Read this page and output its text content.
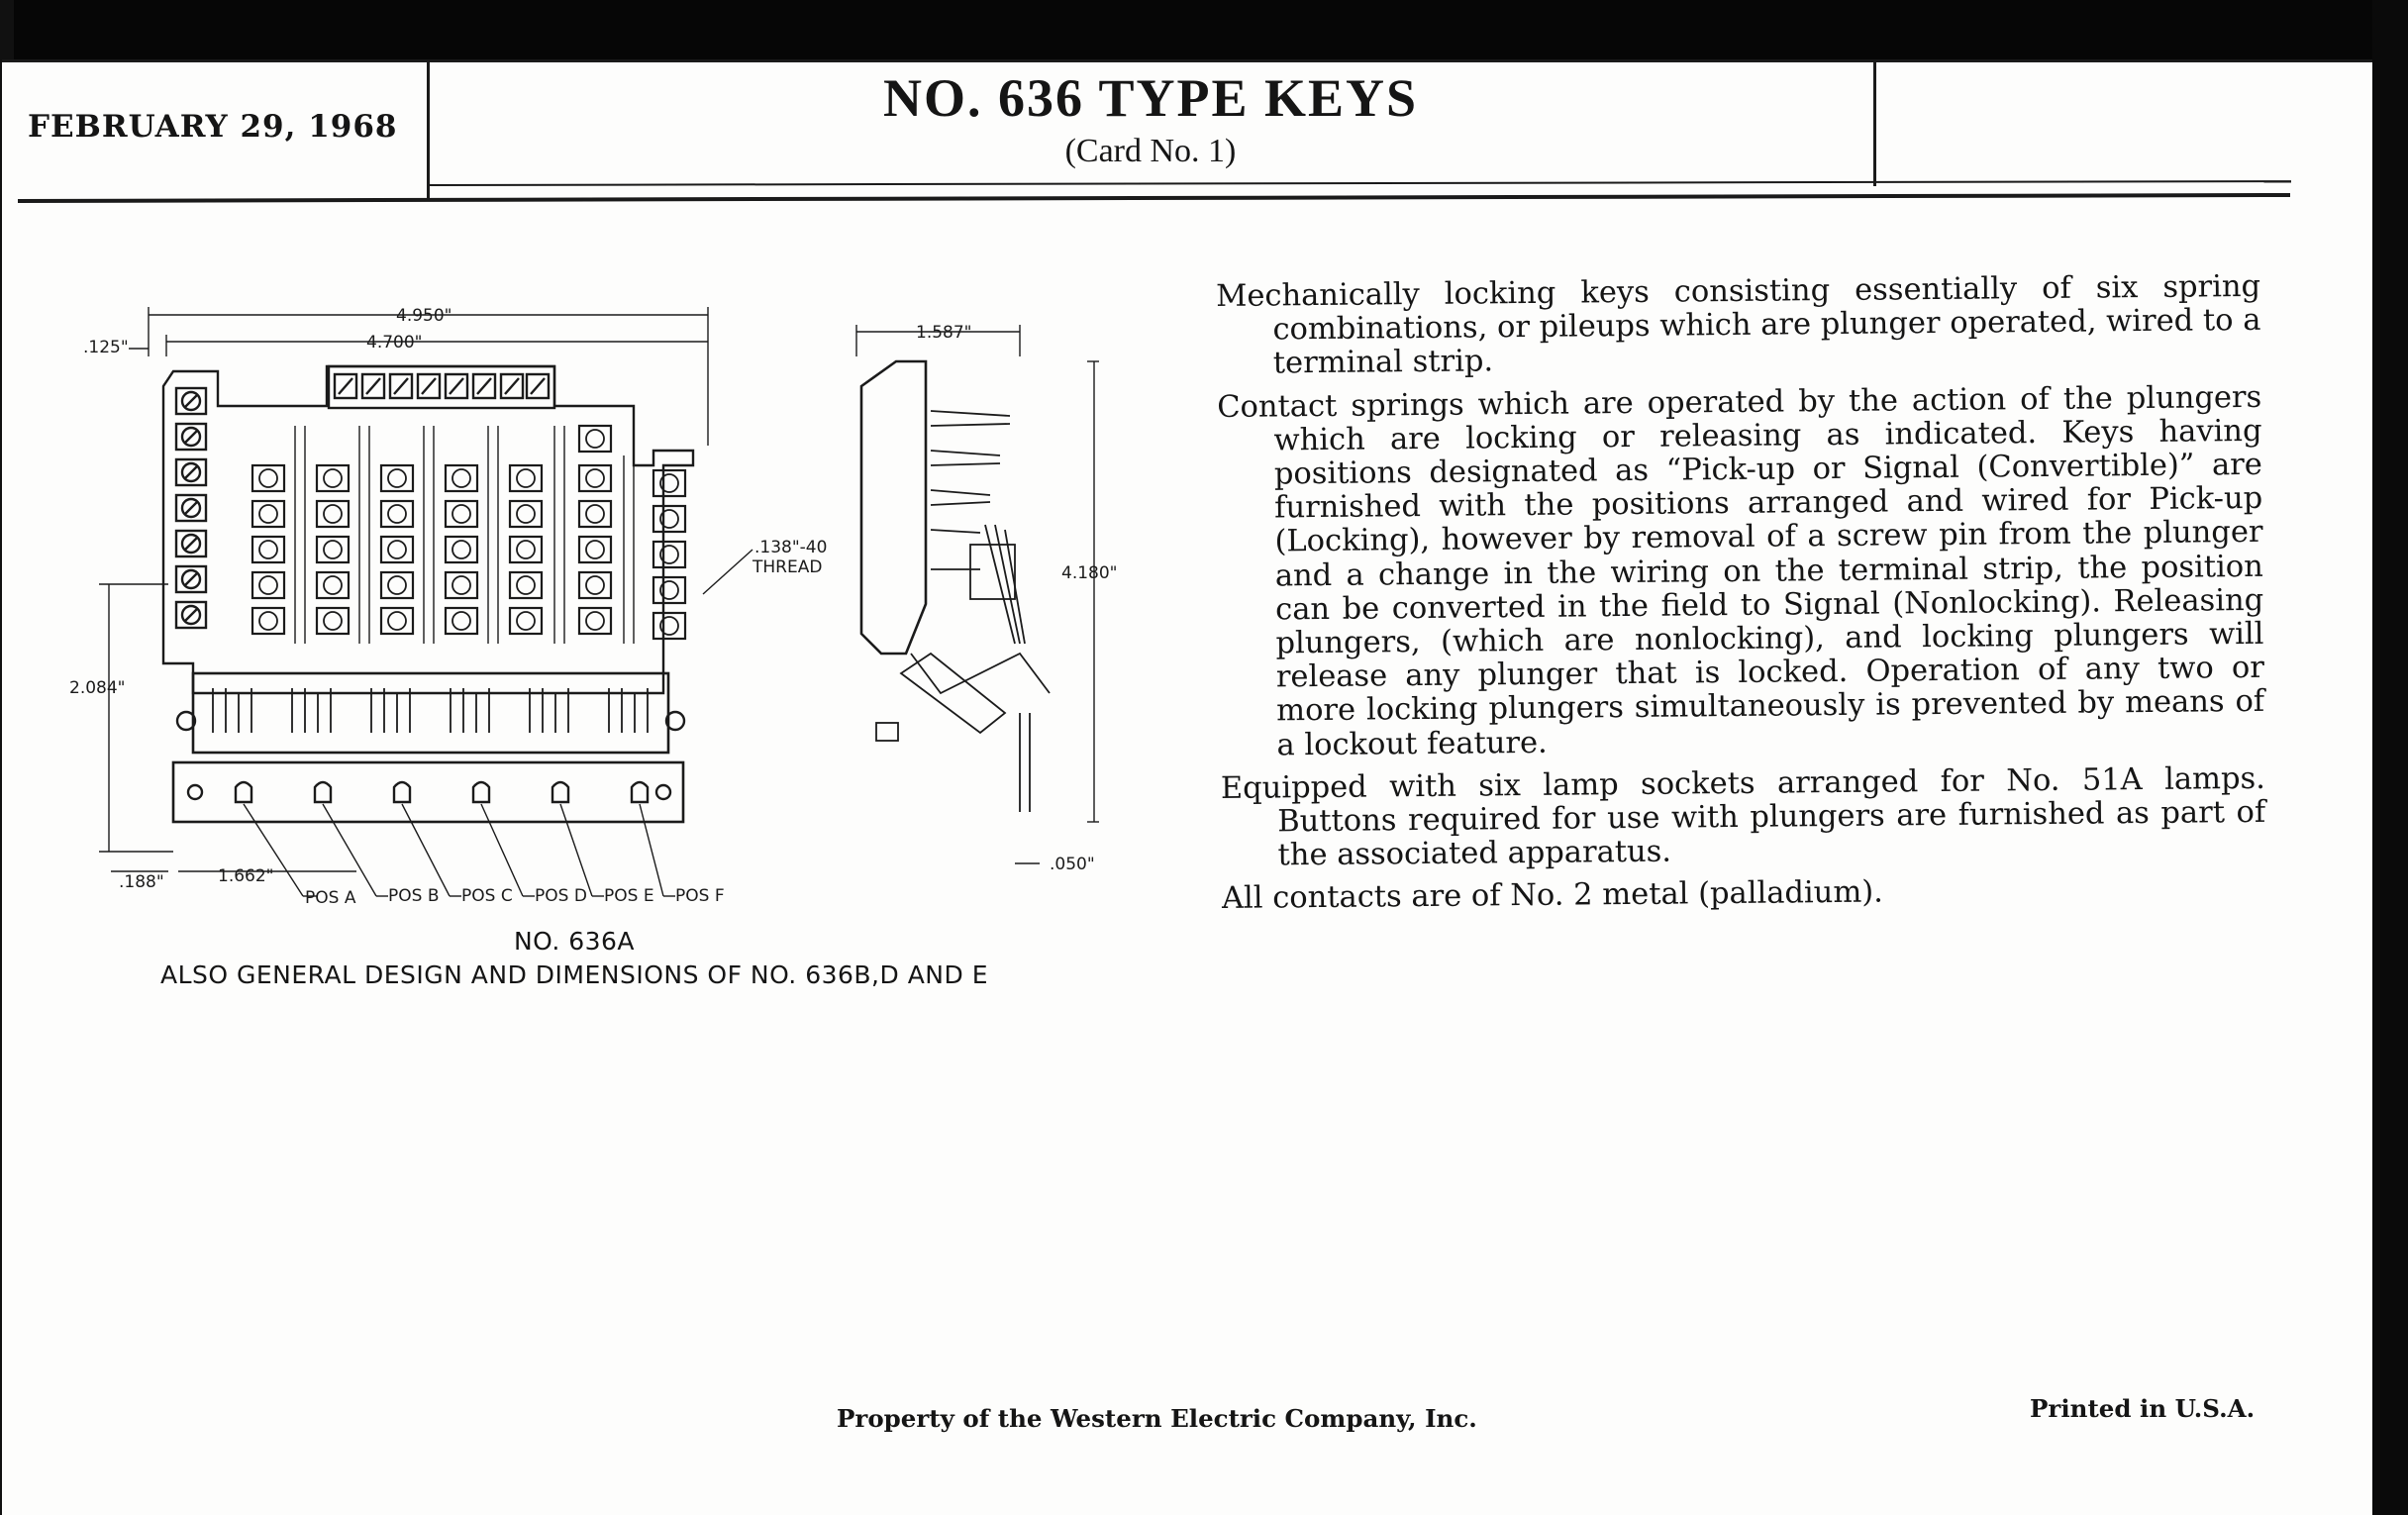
FEBRUARY 29, 1968	NO. 636 TYPE KEYS
(Card No. 1)
4.950"
4.700"
.125"
POS A POS B POS C POS D POS E POS F
2.084"
.188"	1.662"
.138"-40
THREAD
1.587"
4.180"
.050"
NO. 636A
ALSO GENERAL DESIGN AND DIMENSIONS OF NO. 636B,D AND E

Mechanically locking keys consisting essentially of six spring combinations, or pileups which are plunger operated, wired to a terminal strip.

Contact springs which are operated by the action of the plungers which are locking or releasing as indicated. Keys having positions designated as “Pick-up or Signal (Convertible)” are furnished with the positions arranged and wired for Pick-up (Locking), however by removal of a screw pin from the plunger and a change in the wiring on the terminal strip, the position can be converted in the field to Signal (Nonlocking). Releasing plungers, (which are nonlocking), and locking plungers will release any plunger that is locked. Operation of any two or more locking plungers simultaneously is prevented by means of a lockout feature.

Equipped with six lamp sockets arranged for No. 51A lamps. Buttons required for use with plungers are furnished as part of the associated apparatus.

All contacts are of No. 2 metal (palladium).

Property of the Western Electric Company, Inc.	Printed in U.S.A.
